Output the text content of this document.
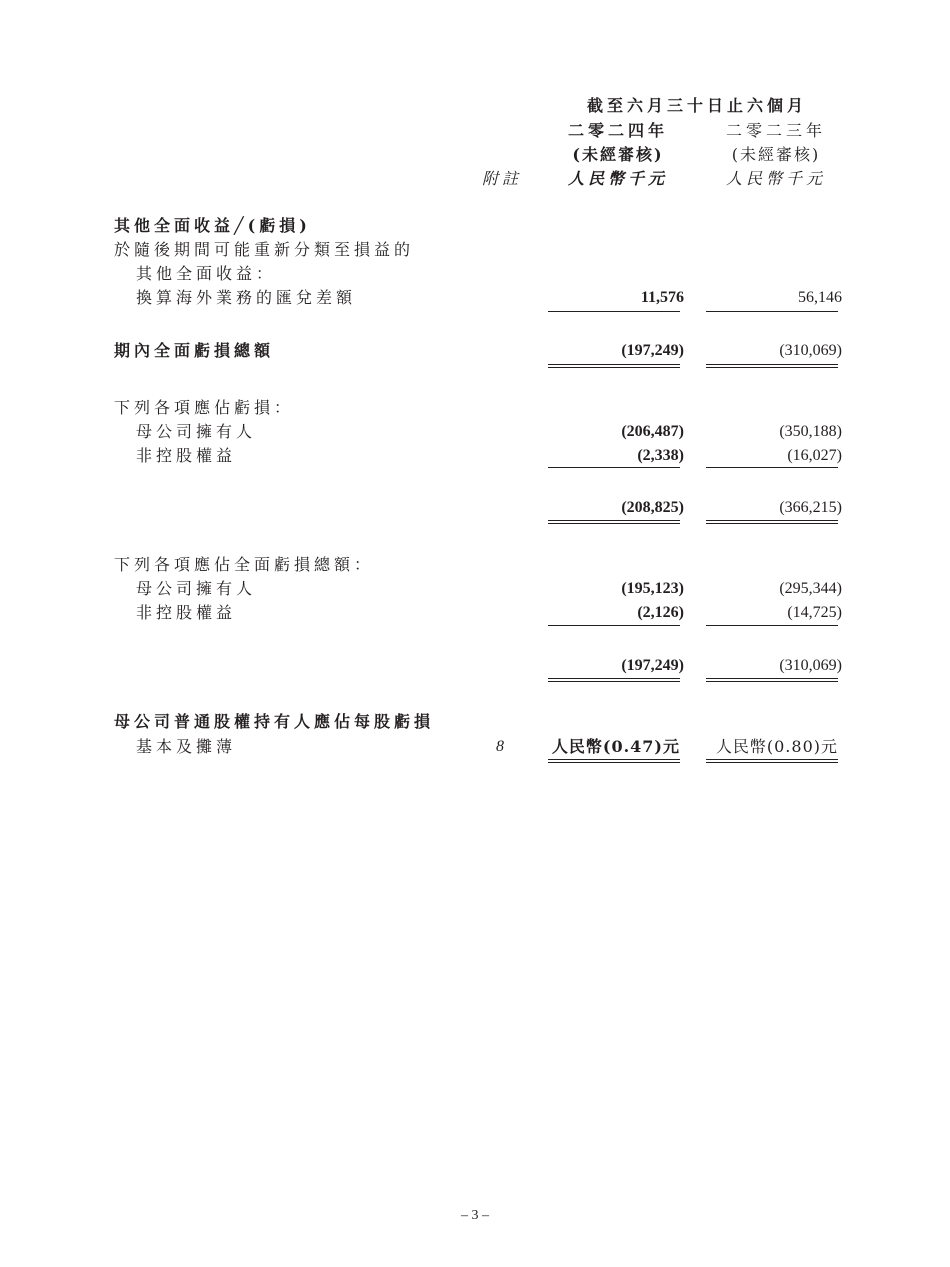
截至六月三十日止六個月
二零二四年	二零二三年
(未經審核)	(未經審核)
附註	人民幣千元	人民幣千元
其他全面收益╱(虧損)
於隨後期間可能重新分類至損益的
其他全面收益：
換算海外業務的匯兌差額	11,576	56,146
期內全面虧損總額	(197,249)	(310,069)
下列各項應佔虧損：
母公司擁有人	(206,487)	(350,188)
非控股權益	(2,338)	(16,027)
(208,825)	(366,215)
下列各項應佔全面虧損總額：
母公司擁有人	(195,123)	(295,344)
非控股權益	(2,126)	(14,725)
(197,249)	(310,069)
母公司普通股權持有人應佔每股虧損
基本及攤薄	8	人民幣(0.47)元	人民幣(0.80)元
– 3 –
